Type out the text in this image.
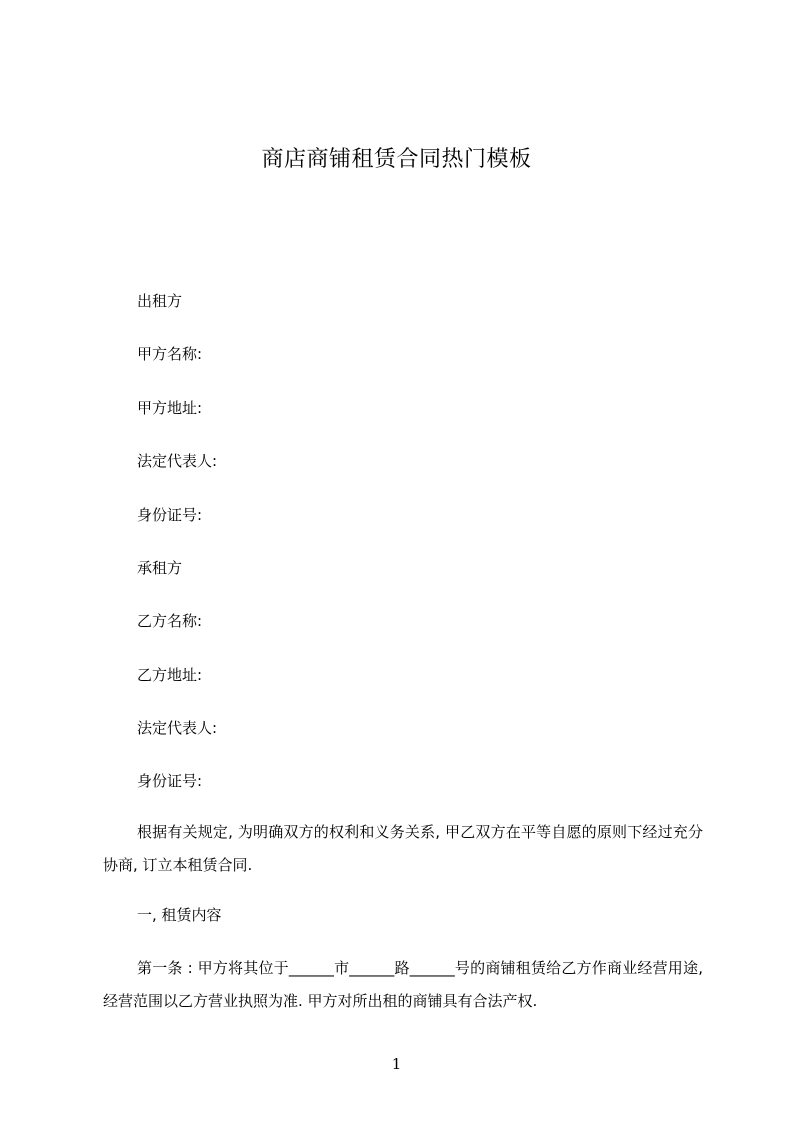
商店商铺租赁合同热门模板
出租方
甲方名称:
甲方地址:
法定代表人:
身份证号:
承租方
乙方名称:
乙方地址:
法定代表人:
身份证号:
根据有关规定, 为明确双方的权利和义务关系, 甲乙双方在平等自愿的原则下经过充分协商, 订立本租赁合同.
一, 租赁内容
第一条 : 甲方将其位于______市______路______号的商铺租赁给乙方作商业经营用途, 经营范围以乙方营业执照为准. 甲方对所出租的商铺具有合法产权.
1
